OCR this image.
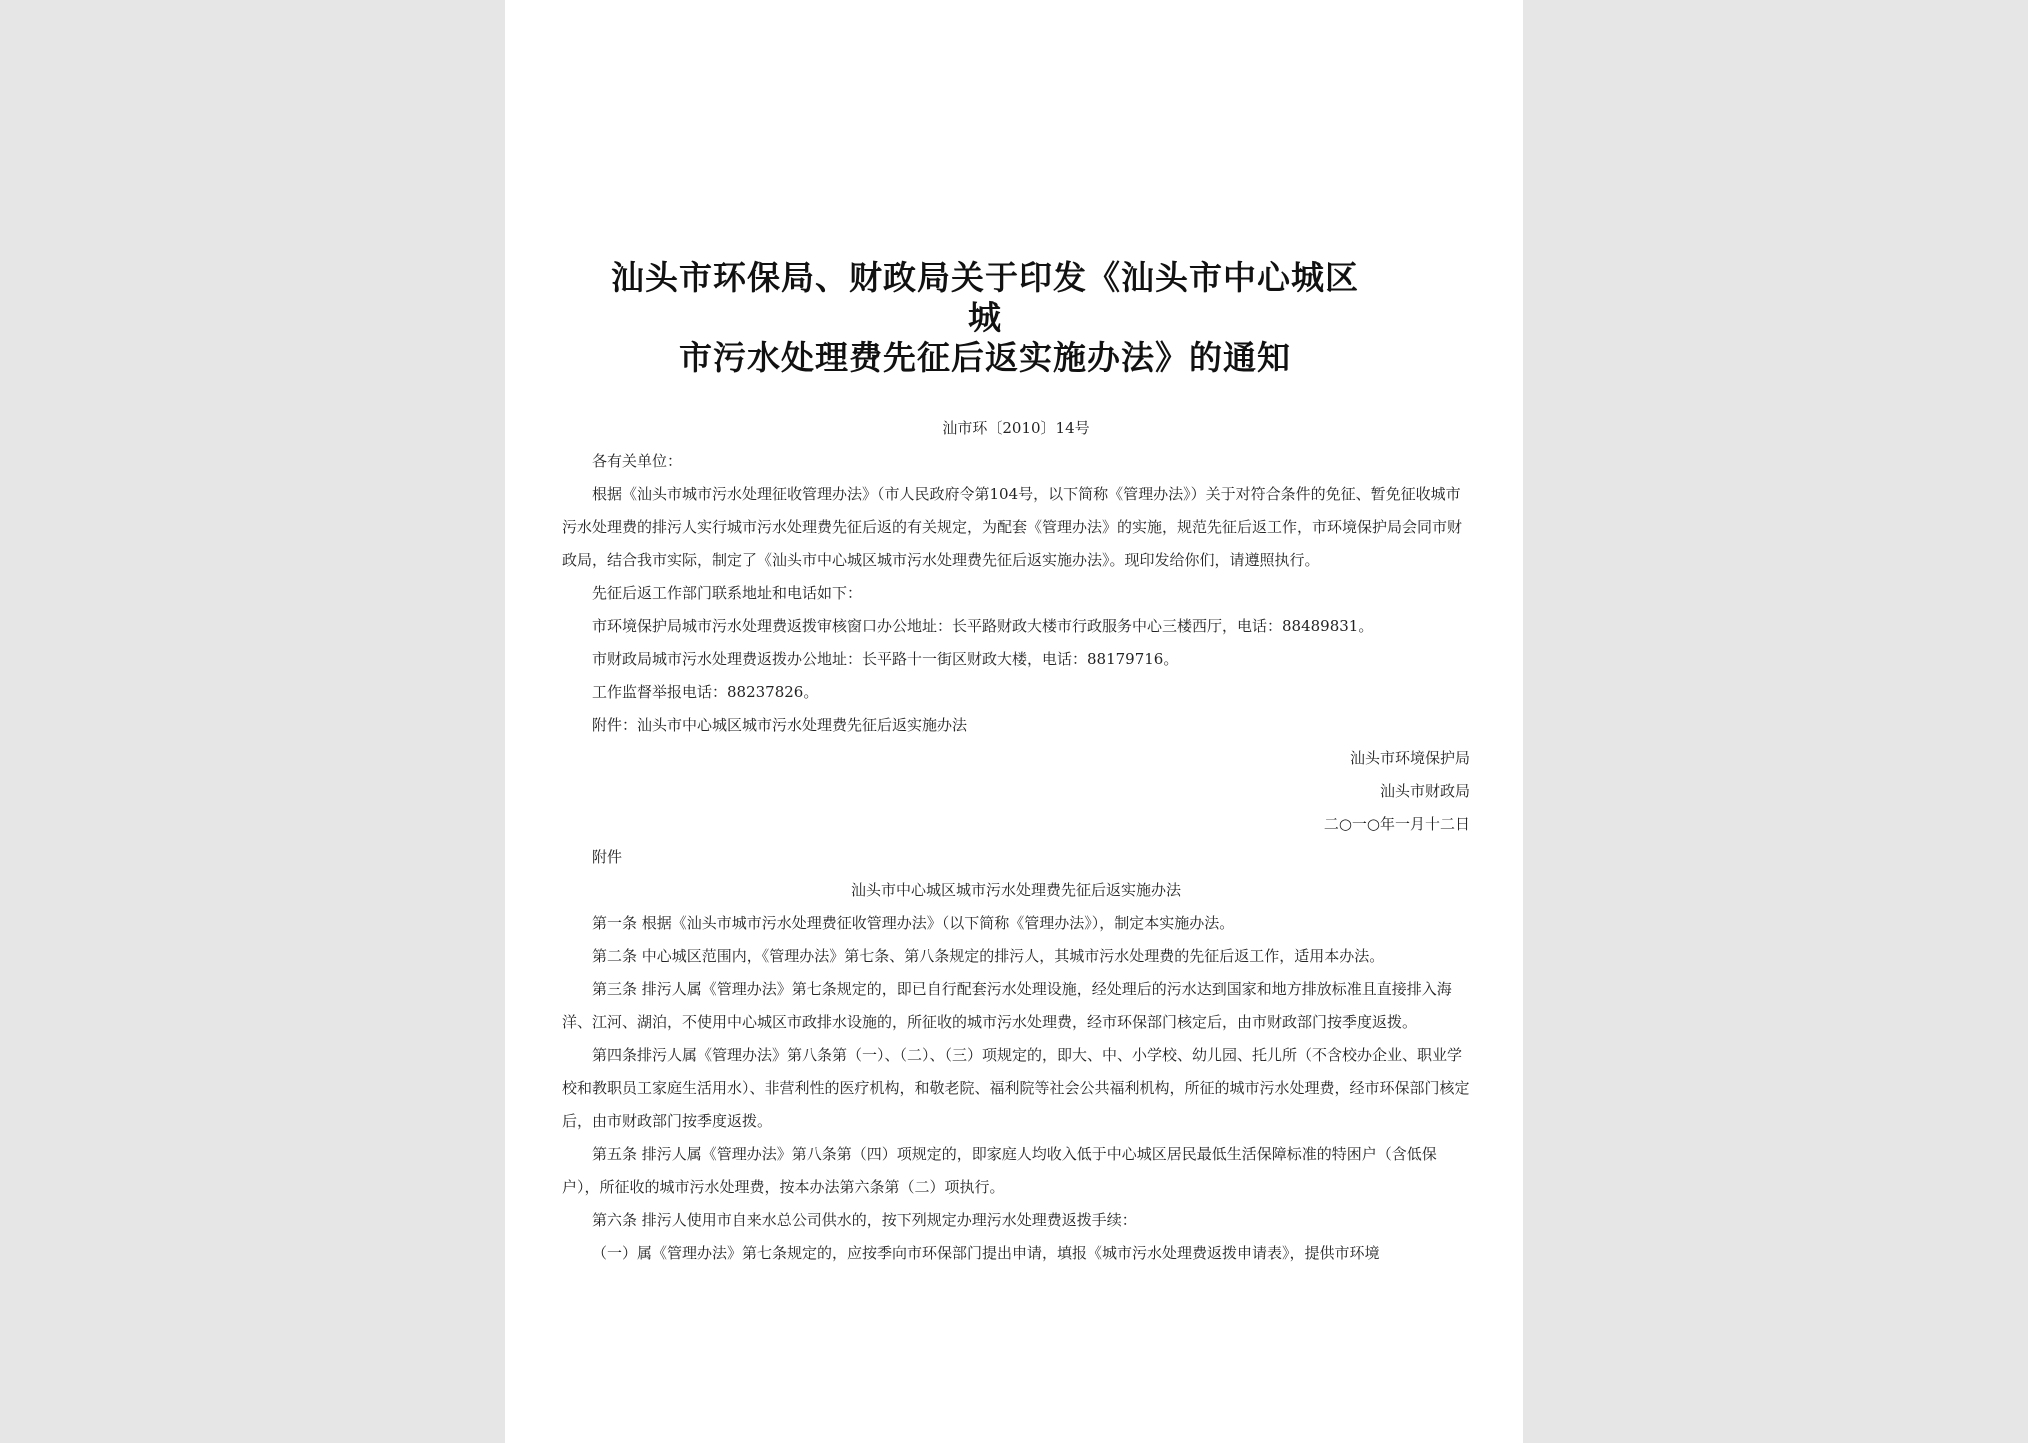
汕头市环保局、财政局关于印发《汕头市中心城区城
市污水处理费先征后返实施办法》的通知

汕市环〔2010〕14号

各有关单位：

根据《汕头市城市污水处理征收管理办法》（市人民政府令第104号，以下简称《管理办法》）关于对符合条件的免征、暂免征收城市污水处理费的排污人实行城市污水处理费先征后返的有关规定，为配套《管理办法》的实施，规范先征后返工作，市环境保护局会同市财政局，结合我市实际，制定了《汕头市中心城区城市污水处理费先征后返实施办法》。现印发给你们，请遵照执行。

先征后返工作部门联系地址和电话如下：

市环境保护局城市污水处理费返拨审核窗口办公地址：长平路财政大楼市行政服务中心三楼西厅，电话：88489831。

市财政局城市污水处理费返拨办公地址：长平路十一街区财政大楼，电话：88179716。

工作监督举报电话：88237826。

附件：汕头市中心城区城市污水处理费先征后返实施办法

汕头市环境保护局

汕头市财政局

二○一○年一月十二日

附件

汕头市中心城区城市污水处理费先征后返实施办法

第一条 根据《汕头市城市污水处理费征收管理办法》（以下简称《管理办法》），制定本实施办法。

第二条 中心城区范围内，《管理办法》第七条、第八条规定的排污人，其城市污水处理费的先征后返工作，适用本办法。

第三条 排污人属《管理办法》第七条规定的，即已自行配套污水处理设施，经处理后的污水达到国家和地方排放标准且直接排入海洋、江河、湖泊，不使用中心城区市政排水设施的，所征收的城市污水处理费，经市环保部门核定后，由市财政部门按季度返拨。

第四条排污人属《管理办法》第八条第（一）、（二）、（三）项规定的，即大、中、小学校、幼儿园、托儿所（不含校办企业、职业学校和教职员工家庭生活用水）、非营利性的医疗机构，和敬老院、福利院等社会公共福利机构，所征的城市污水处理费，经市环保部门核定后，由市财政部门按季度返拨。

第五条 排污人属《管理办法》第八条第（四）项规定的，即家庭人均收入低于中心城区居民最低生活保障标准的特困户（含低保户），所征收的城市污水处理费，按本办法第六条第（二）项执行。

第六条 排污人使用市自来水总公司供水的，按下列规定办理污水处理费返拨手续：

（一）属《管理办法》第七条规定的，应按季向市环保部门提出申请，填报《城市污水处理费返拨申请表》，提供市环境
